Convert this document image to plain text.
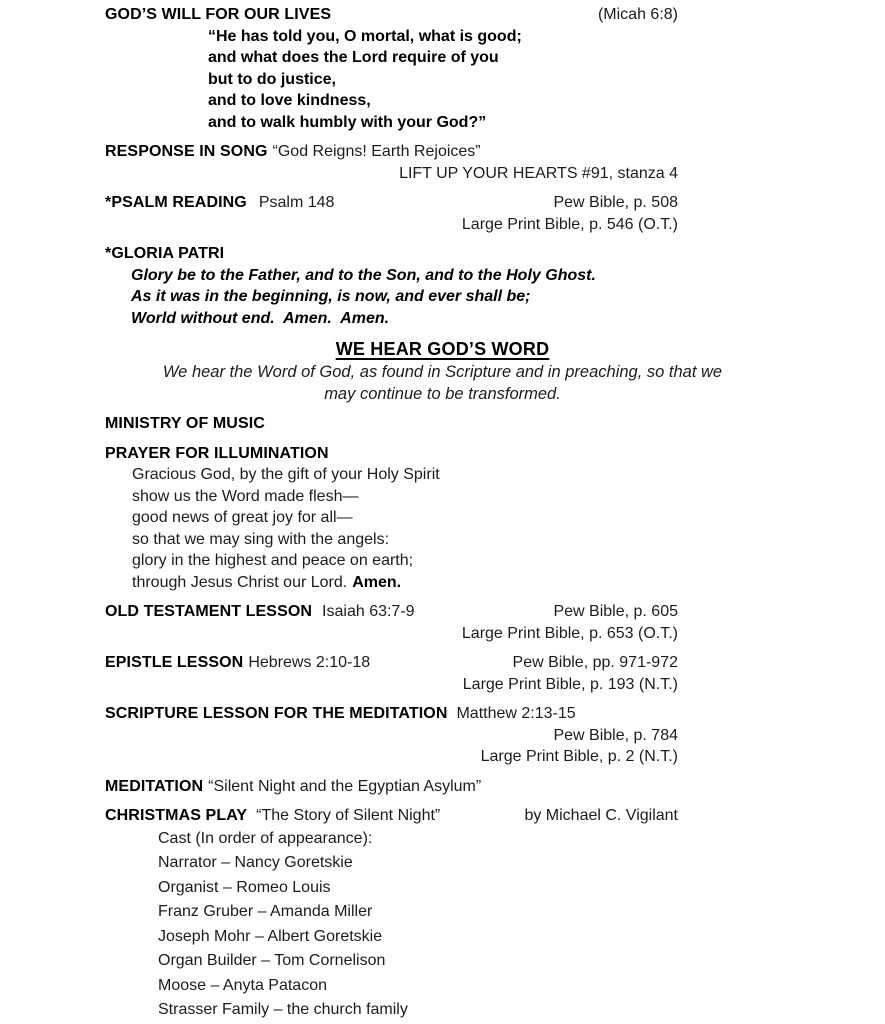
GOD’S WILL FOR OUR LIVES	(Micah 6:8)
“He has told you, O mortal, what is good;
and what does the Lord require of you
but to do justice,
and to love kindness,
and to walk humbly with your God?”
RESPONSE IN SONG “God Reigns! Earth Rejoices”
LIFT UP YOUR HEARTS #91, stanza 4
*PSALM READING Psalm 148	Pew Bible, p. 508
Large Print Bible, p. 546 (O.T.)
*GLORIA PATRI
Glory be to the Father, and to the Son, and to the Holy Ghost.
As it was in the beginning, is now, and ever shall be;
World without end.  Amen.  Amen.
WE HEAR GOD’S WORD
We hear the Word of God, as found in Scripture and in preaching, so that we
may continue to be transformed.
MINISTRY OF MUSIC
PRAYER FOR ILLUMINATION
Gracious God, by the gift of your Holy Spirit
show us the Word made flesh—
good news of great joy for all—
so that we may sing with the angels:
glory in the highest and peace on earth;
through Jesus Christ our Lord. Amen.
OLD TESTAMENT LESSON Isaiah 63:7-9	Pew Bible, p. 605
Large Print Bible, p. 653 (O.T.)
EPISTLE LESSON Hebrews 2:10-18	Pew Bible, pp. 971-972
Large Print Bible, p. 193 (N.T.)
SCRIPTURE LESSON FOR THE MEDITATION Matthew 2:13-15
Pew Bible, p. 784
Large Print Bible, p. 2 (N.T.)
MEDITATION “Silent Night and the Egyptian Asylum”
CHRISTMAS PLAY “The Story of Silent Night”	by Michael C. Vigilant
Cast (In order of appearance):
Narrator – Nancy Goretskie
Organist – Romeo Louis
Franz Gruber – Amanda Miller
Joseph Mohr – Albert Goretskie
Organ Builder – Tom Cornelison
Moose – Anyta Patacon
Strasser Family – the church family
